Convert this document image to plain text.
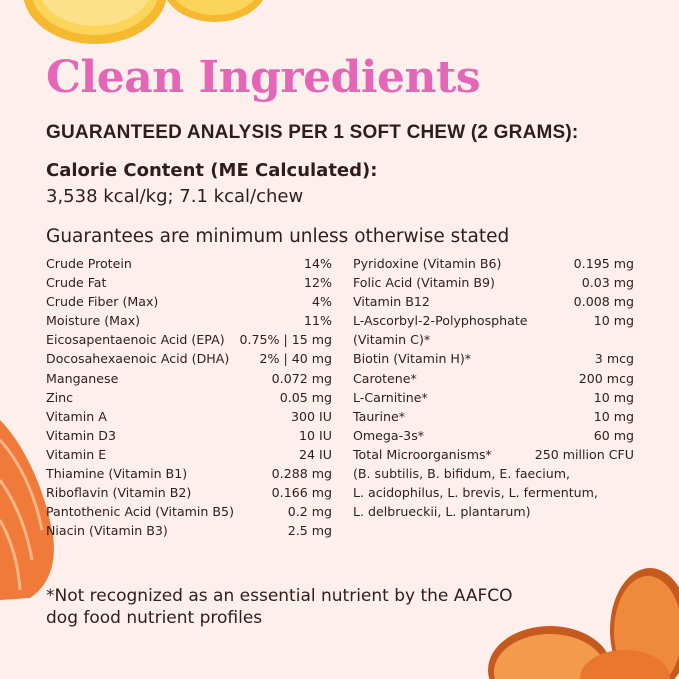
Clean Ingredients
GUARANTEED ANALYSIS PER 1 SOFT CHEW (2 GRAMS):
Calorie Content (ME Calculated):
3,538 kcal/kg; 7.1 kcal/chew
Guarantees are minimum unless otherwise stated
Crude Protein	14%
Crude Fat	12%
Crude Fiber (Max)	4%
Moisture (Max)	11%
Eicosapentaenoic Acid (EPA) 0.75% | 15 mg
Docosahexaenoic Acid (DHA) 2% | 40 mg
Manganese	0.072 mg
Zinc	0.05 mg
Vitamin A	300 IU
Vitamin D3	10 IU
Vitamin E	24 IU
Thiamine (Vitamin B1)	0.288 mg
Riboflavin (Vitamin B2)	0.166 mg
Pantothenic Acid (Vitamin B5)	0.2 mg
Niacin (Vitamin B3)	2.5 mg
Pyridoxine (Vitamin B6)	0.195 mg
Folic Acid (Vitamin B9)	0.03 mg
Vitamin B12	0.008 mg
L-Ascorbyl-2-Polyphosphate	10 mg
(Vitamin C)*
Biotin (Vitamin H)*	3 mcg
Carotene*	200 mcg
L-Carnitine*	10 mg
Taurine*	10 mg
Omega-3s*	60 mg
Total Microorganisms*	250 million CFU
(B. subtilis, B. bifidum, E. faecium,
L. acidophilus, L. brevis, L. fermentum,
L. delbrueckii, L. plantarum)
*Not recognized as an essential nutrient by the AAFCO dog food nutrient profiles
